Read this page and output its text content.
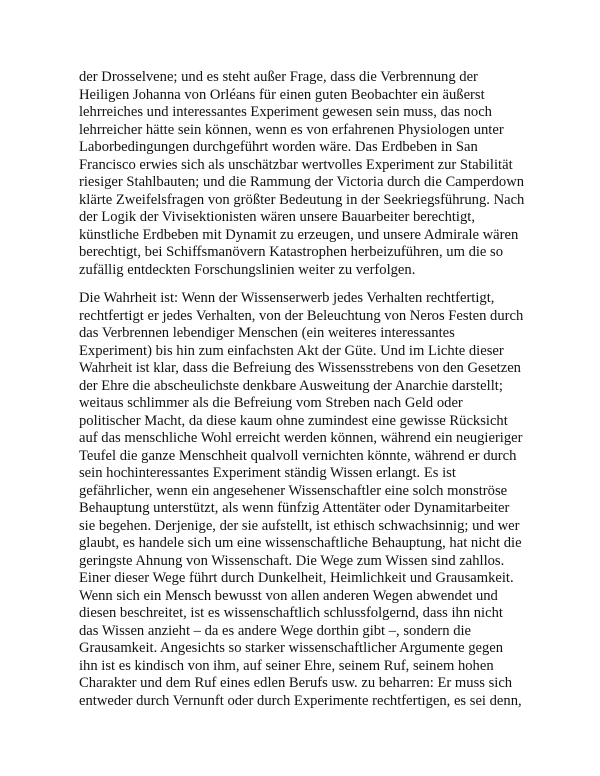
der Drosselvene; und es steht außer Frage, dass die Verbrennung der
Heiligen Johanna von Orléans für einen guten Beobachter ein äußerst
lehrreiches und interessantes Experiment gewesen sein muss, das noch
lehrreicher hätte sein können, wenn es von erfahrenen Physiologen unter
Laborbedingungen durchgeführt worden wäre. Das Erdbeben in San
Francisco erwies sich als unschätzbar wertvolles Experiment zur Stabilität
riesiger Stahlbauten; und die Rammung der Victoria durch die Camperdown
klärte Zweifelsfragen von größter Bedeutung in der Seekriegsführung. Nach
der Logik der Vivisektionisten wären unsere Bauarbeiter berechtigt,
künstliche Erdbeben mit Dynamit zu erzeugen, und unsere Admirale wären
berechtigt, bei Schiffsmanövern Katastrophen herbeizuführen, um die so
zufällig entdeckten Forschungslinien weiter zu verfolgen.
Die Wahrheit ist: Wenn der Wissenserwerb jedes Verhalten rechtfertigt,
rechtfertigt er jedes Verhalten, von der Beleuchtung von Neros Festen durch
das Verbrennen lebendiger Menschen (ein weiteres interessantes
Experiment) bis hin zum einfachsten Akt der Güte. Und im Lichte dieser
Wahrheit ist klar, dass die Befreiung des Wissensstrebens von den Gesetzen
der Ehre die abscheulichste denkbare Ausweitung der Anarchie darstellt;
weitaus schlimmer als die Befreiung vom Streben nach Geld oder
politischer Macht, da diese kaum ohne zumindest eine gewisse Rücksicht
auf das menschliche Wohl erreicht werden können, während ein neugieriger
Teufel die ganze Menschheit qualvoll vernichten könnte, während er durch
sein hochinteressantes Experiment ständig Wissen erlangt. Es ist
gefährlicher, wenn ein angesehener Wissenschaftler eine solch monströse
Behauptung unterstützt, als wenn fünfzig Attentäter oder Dynamitarbeiter
sie begehen. Derjenige, der sie aufstellt, ist ethisch schwachsinnig; und wer
glaubt, es handele sich um eine wissenschaftliche Behauptung, hat nicht die
geringste Ahnung von Wissenschaft. Die Wege zum Wissen sind zahllos.
Einer dieser Wege führt durch Dunkelheit, Heimlichkeit und Grausamkeit.
Wenn sich ein Mensch bewusst von allen anderen Wegen abwendet und
diesen beschreitet, ist es wissenschaftlich schlussfolgernd, dass ihn nicht
das Wissen anzieht – da es andere Wege dorthin gibt –, sondern die
Grausamkeit. Angesichts so starker wissenschaftlicher Argumente gegen
ihn ist es kindisch von ihm, auf seiner Ehre, seinem Ruf, seinem hohen
Charakter und dem Ruf eines edlen Berufs usw. zu beharren: Er muss sich
entweder durch Vernunft oder durch Experimente rechtfertigen, es sei denn,
